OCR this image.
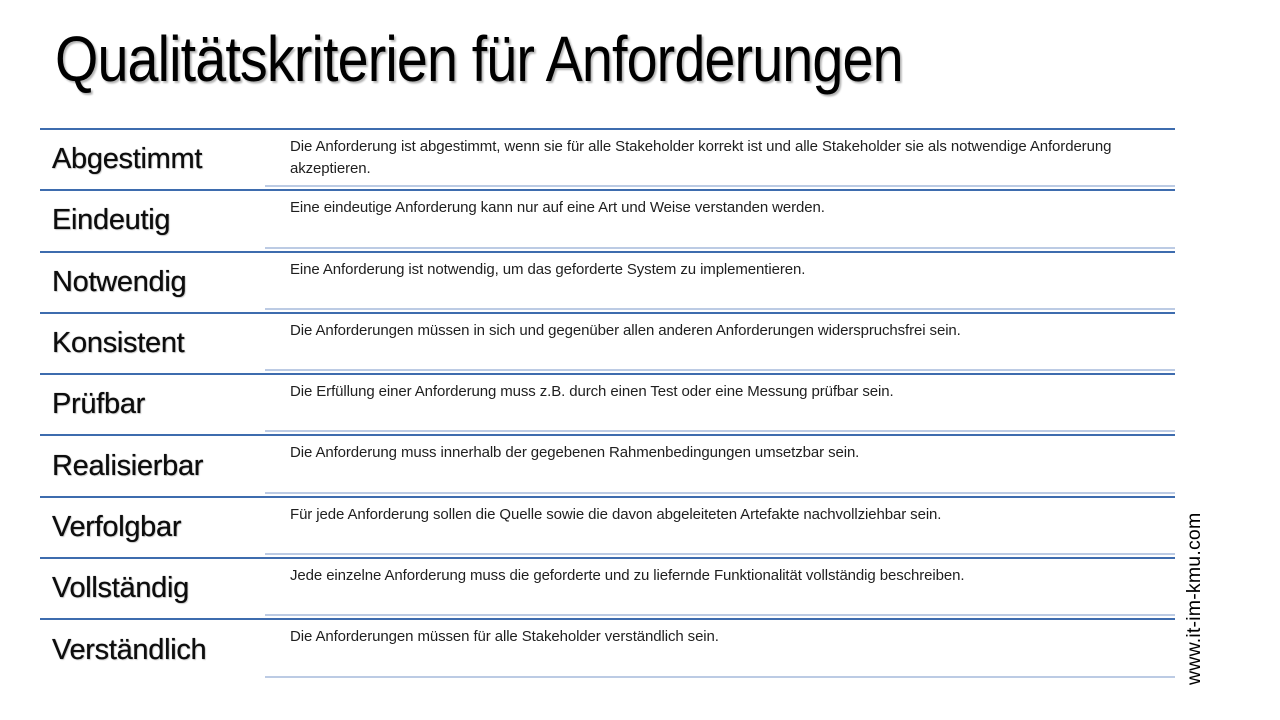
Qualitätskriterien für Anforderungen
Abgestimmt	Die Anforderung ist abgestimmt, wenn sie für alle Stakeholder korrekt ist und alle Stakeholder sie als notwendige Anforderung akzeptieren.
Eindeutig	Eine eindeutige Anforderung kann nur auf eine Art und Weise verstanden werden.
Notwendig	Eine Anforderung ist notwendig, um das geforderte System zu implementieren.
Konsistent	Die Anforderungen müssen in sich und gegenüber allen anderen Anforderungen widerspruchsfrei sein.
Prüfbar	Die Erfüllung einer Anforderung muss z.B. durch einen Test oder eine Messung prüfbar sein.
Realisierbar	Die Anforderung muss innerhalb der gegebenen Rahmenbedingungen umsetzbar sein.
Verfolgbar	Für jede Anforderung sollen die Quelle sowie die davon abgeleiteten Artefakte nachvollziehbar sein.
Vollständig	Jede einzelne Anforderung muss die geforderte und zu liefernde Funktionalität vollständig beschreiben.
Verständlich	Die Anforderungen müssen für alle Stakeholder verständlich sein.	www.it-im-kmu.com
